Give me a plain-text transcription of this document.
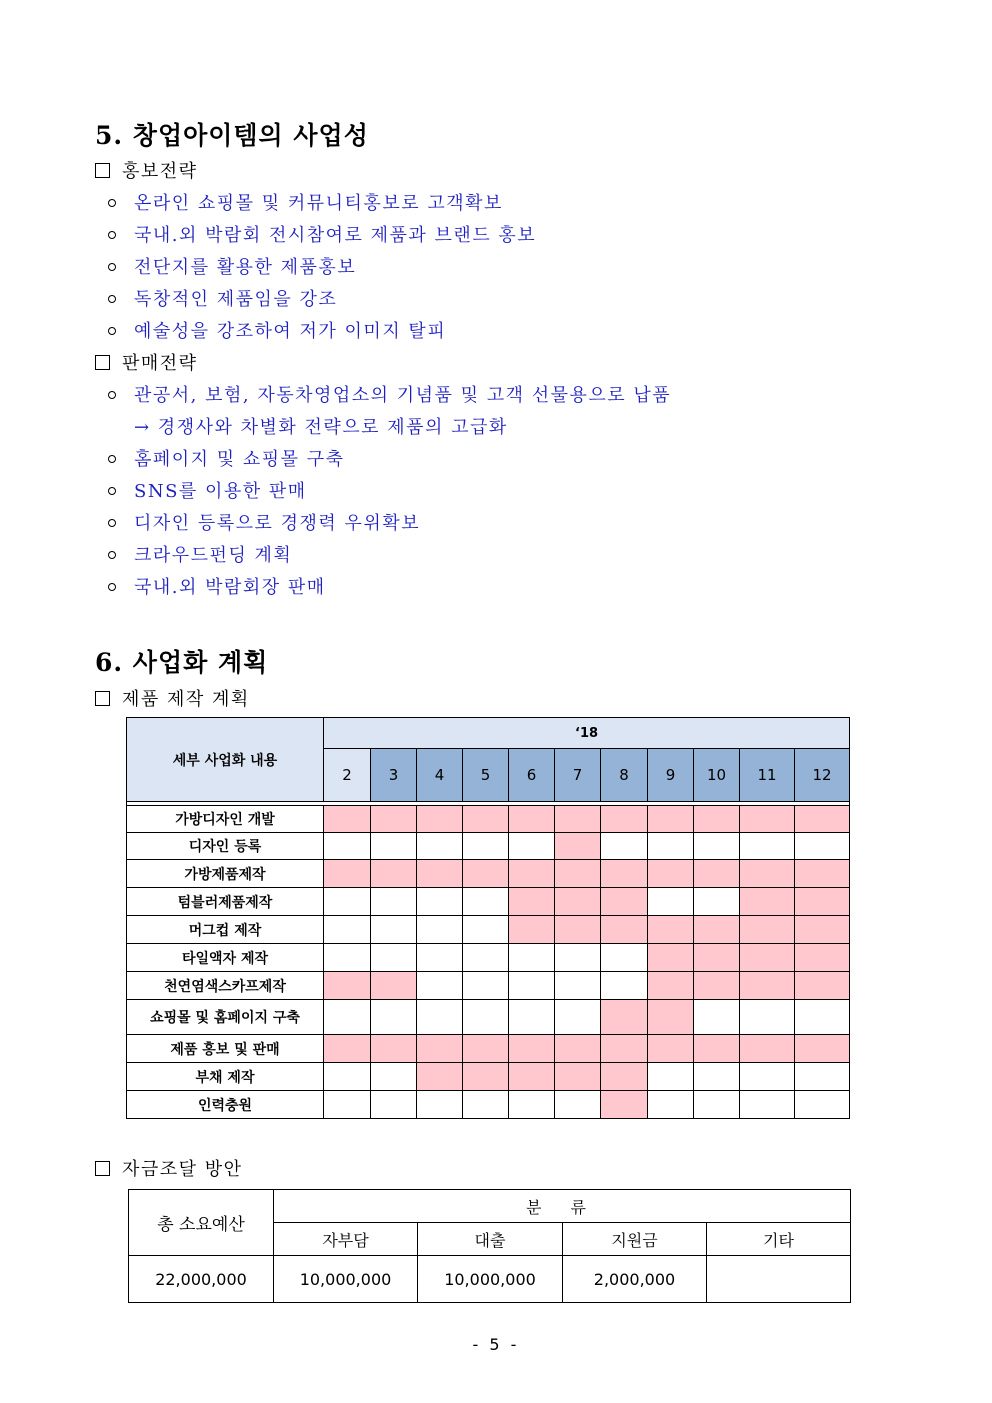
5. 창업아이템의 사업성

홍보전략

온라인 쇼핑몰 및 커뮤니티홍보로 고객확보

국내.외 박람회 전시참여로 제품과 브랜드 홍보

전단지를 활용한 제품홍보

독창적인 제품임을 강조

예술성을 강조하여 저가 이미지 탈피

판매전략

관공서, 보험, 자동차영업소의 기념품 및 고객 선물용으로 납품

→ 경쟁사와 차별화 전략으로 제품의 고급화

홈페이지 및 쇼핑몰 구축

SNS를 이용한 판매

디자인 등록으로 경쟁력 우위확보

크라우드펀딩 계획

국내.외 박람회장 판매

6. 사업화 계획

제품 제작 계획

세부 사업화 내용	‘18										
	2	3	4	5	6	7	8	9	10	11	12

가방디자인 개발											
디자인 등록											
가방제품제작											
텀블러제품제작											
머그컵 제작											
타일액자 제작											
천연염색스카프제작											
쇼핑몰 및 홈페이지 구축											
제품 홍보 및 판매											
부채 제작											
인력충원											

자금조달 방안

총 소요예산	분 류			
	자부담	대출	지원금	기타
22,000,000	10,000,000	10,000,000	2,000,000	
- 5 -
